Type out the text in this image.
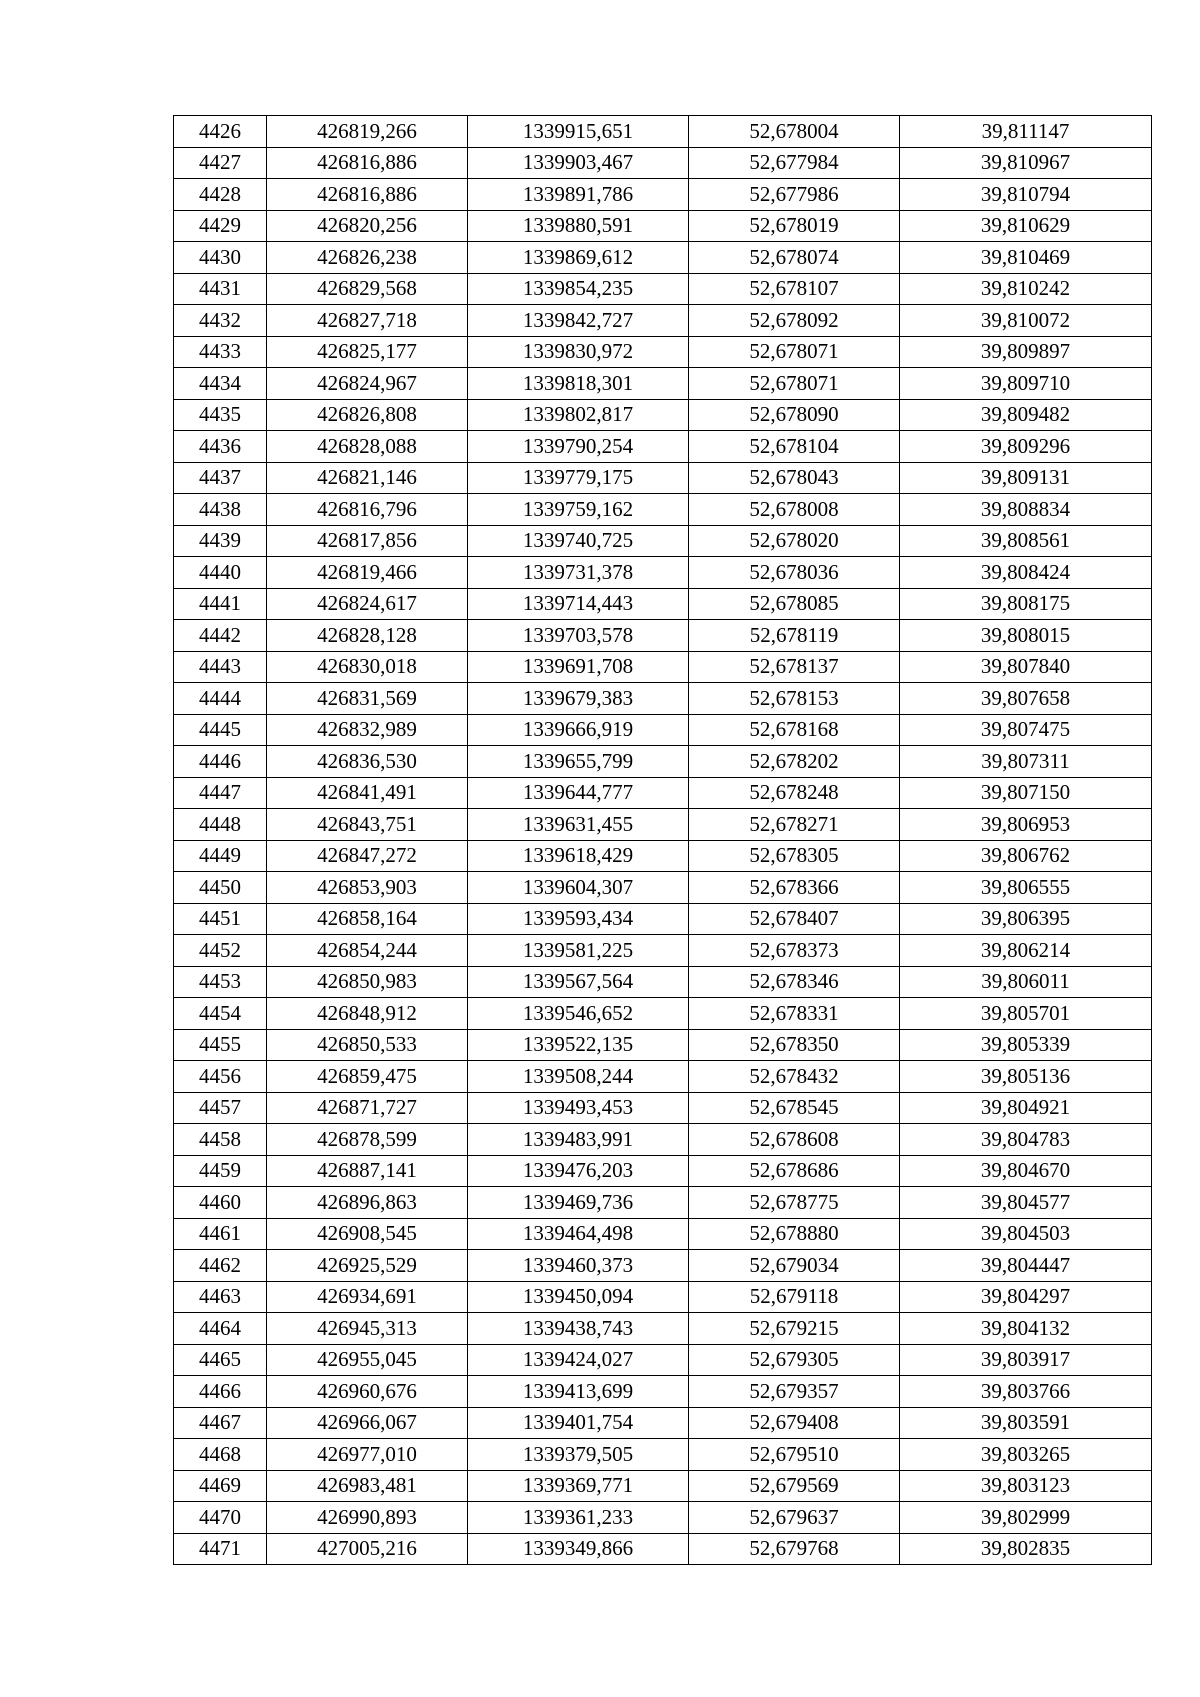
4426	426819,266	1339915,651	52,678004	39,811147
4427	426816,886	1339903,467	52,677984	39,810967
4428	426816,886	1339891,786	52,677986	39,810794
4429	426820,256	1339880,591	52,678019	39,810629
4430	426826,238	1339869,612	52,678074	39,810469
4431	426829,568	1339854,235	52,678107	39,810242
4432	426827,718	1339842,727	52,678092	39,810072
4433	426825,177	1339830,972	52,678071	39,809897
4434	426824,967	1339818,301	52,678071	39,809710
4435	426826,808	1339802,817	52,678090	39,809482
4436	426828,088	1339790,254	52,678104	39,809296
4437	426821,146	1339779,175	52,678043	39,809131
4438	426816,796	1339759,162	52,678008	39,808834
4439	426817,856	1339740,725	52,678020	39,808561
4440	426819,466	1339731,378	52,678036	39,808424
4441	426824,617	1339714,443	52,678085	39,808175
4442	426828,128	1339703,578	52,678119	39,808015
4443	426830,018	1339691,708	52,678137	39,807840
4444	426831,569	1339679,383	52,678153	39,807658
4445	426832,989	1339666,919	52,678168	39,807475
4446	426836,530	1339655,799	52,678202	39,807311
4447	426841,491	1339644,777	52,678248	39,807150
4448	426843,751	1339631,455	52,678271	39,806953
4449	426847,272	1339618,429	52,678305	39,806762
4450	426853,903	1339604,307	52,678366	39,806555
4451	426858,164	1339593,434	52,678407	39,806395
4452	426854,244	1339581,225	52,678373	39,806214
4453	426850,983	1339567,564	52,678346	39,806011
4454	426848,912	1339546,652	52,678331	39,805701
4455	426850,533	1339522,135	52,678350	39,805339
4456	426859,475	1339508,244	52,678432	39,805136
4457	426871,727	1339493,453	52,678545	39,804921
4458	426878,599	1339483,991	52,678608	39,804783
4459	426887,141	1339476,203	52,678686	39,804670
4460	426896,863	1339469,736	52,678775	39,804577
4461	426908,545	1339464,498	52,678880	39,804503
4462	426925,529	1339460,373	52,679034	39,804447
4463	426934,691	1339450,094	52,679118	39,804297
4464	426945,313	1339438,743	52,679215	39,804132
4465	426955,045	1339424,027	52,679305	39,803917
4466	426960,676	1339413,699	52,679357	39,803766
4467	426966,067	1339401,754	52,679408	39,803591
4468	426977,010	1339379,505	52,679510	39,803265
4469	426983,481	1339369,771	52,679569	39,803123
4470	426990,893	1339361,233	52,679637	39,802999
4471	427005,216	1339349,866	52,679768	39,802835
